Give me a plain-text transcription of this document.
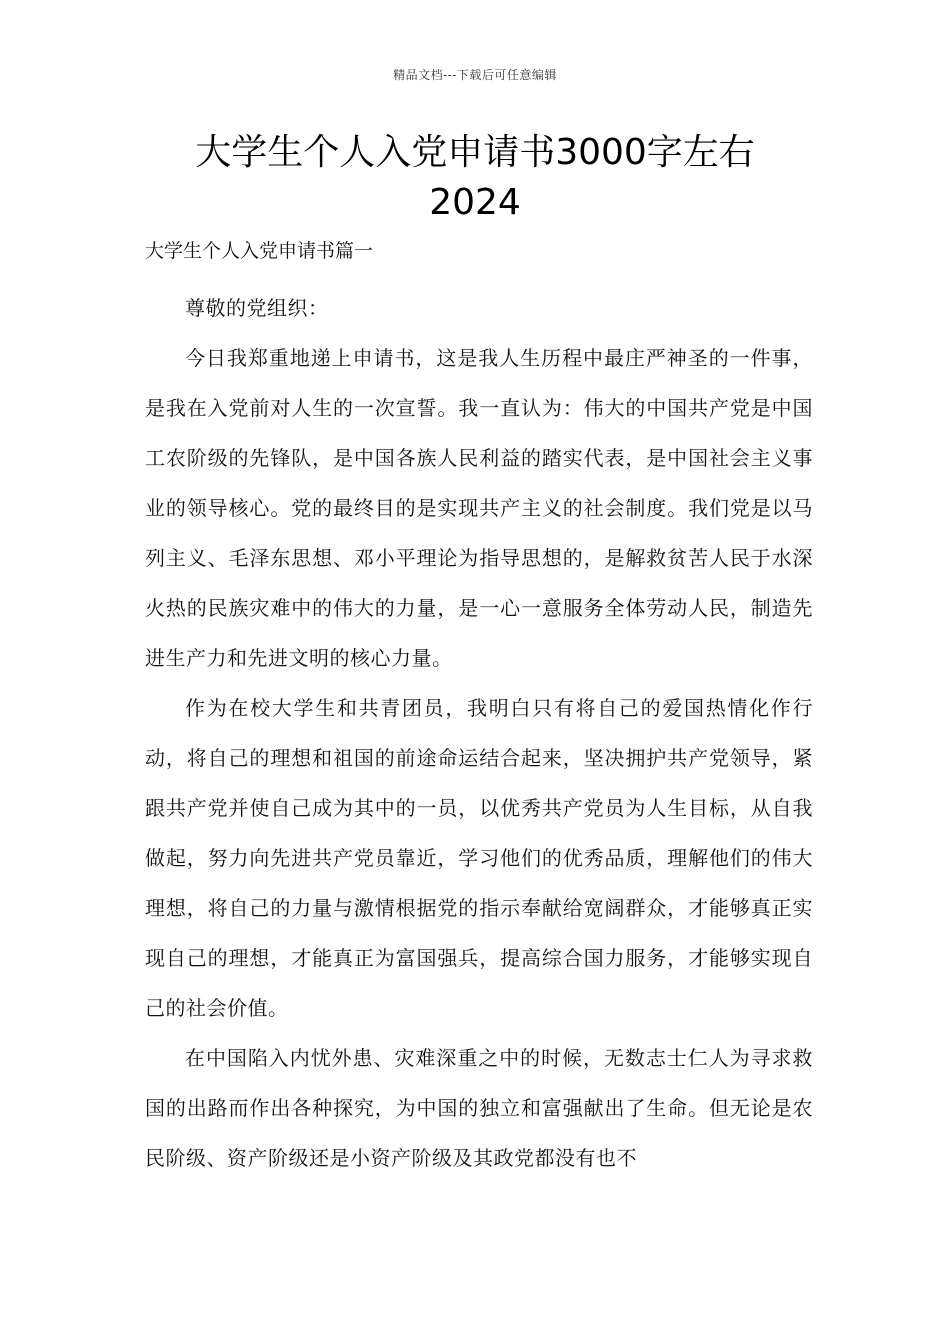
精品文档---下载后可任意编辑
大学生个人入党申请书3000字左右
2024
大学生个人入党申请书篇一

尊敬的党组织：

今日我郑重地递上申请书，这是我人生历程中最庄严神圣的一件事，是我在入党前对人生的一次宣誓。我一直认为：伟大的中国共产党是中国工农阶级的先锋队，是中国各族人民利益的踏实代表，是中国社会主义事业的领导核心。党的最终目的是实现共产主义的社会制度。我们党是以马列主义、毛泽东思想、邓小平理论为指导思想的，是解救贫苦人民于水深火热的民族灾难中的伟大的力量，是一心一意服务全体劳动人民，制造先进生产力和先进文明的核心力量。

作为在校大学生和共青团员，我明白只有将自己的爱国热情化作行动，将自己的理想和祖国的前途命运结合起来，坚决拥护共产党领导，紧跟共产党并使自己成为其中的一员，以优秀共产党员为人生目标，从自我做起，努力向先进共产党员靠近，学习他们的优秀品质，理解他们的伟大理想，将自己的力量与激情根据党的指示奉献给宽阔群众，才能够真正实现自己的理想，才能真正为富国强兵，提高综合国力服务，才能够实现自己的社会价值。

在中国陷入内忧外患、灾难深重之中的时候，无数志士仁人为寻求救国的出路而作出各种探究，为中国的独立和富强献出了生命。但无论是农民阶级、资产阶级还是小资产阶级及其政党都没有也不
